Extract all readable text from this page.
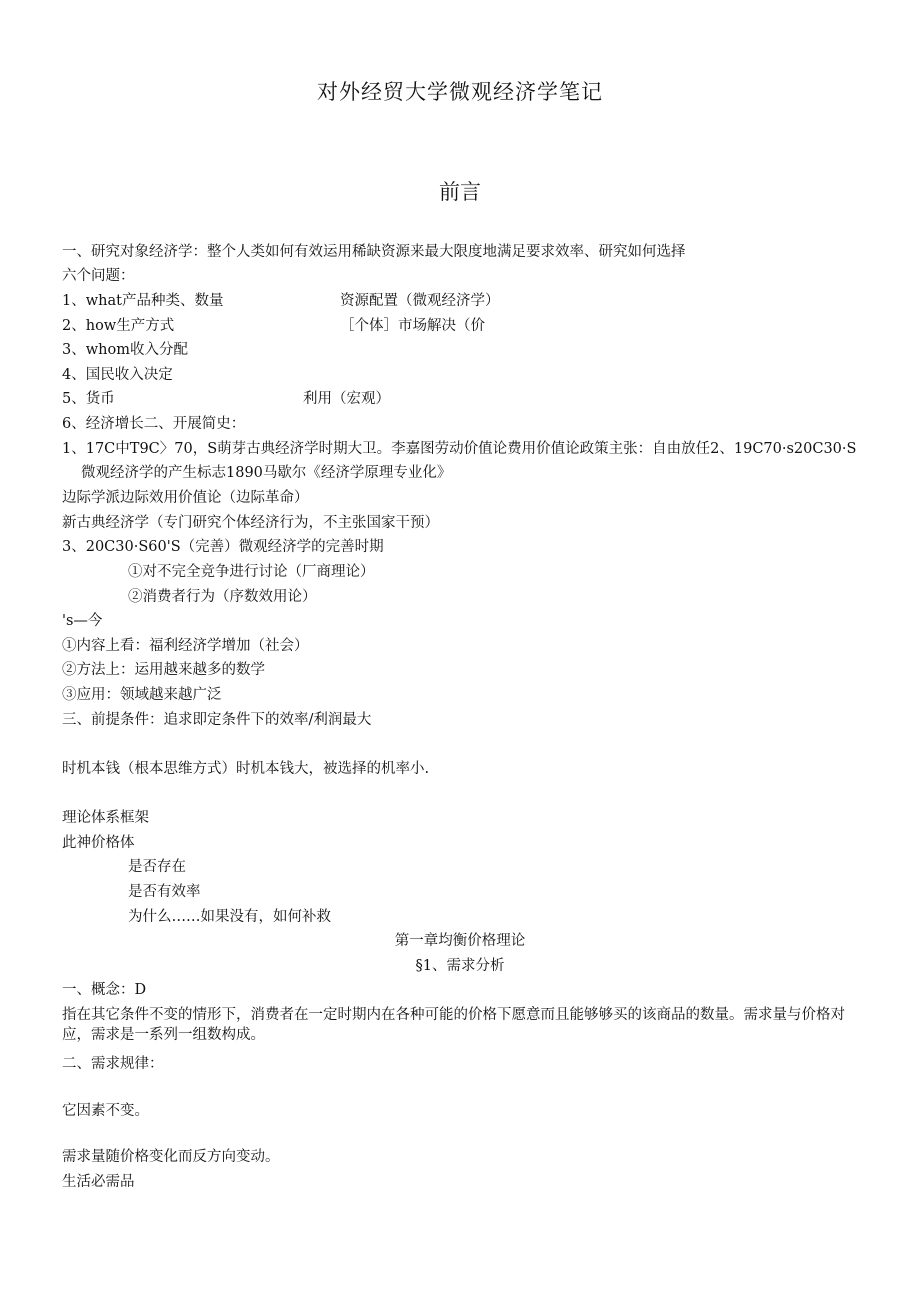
对外经贸大学微观经济学笔记
前言
一、研究对象经济学：整个人类如何有效运用稀缺资源来最大限度地满足要求效率、研究如何选择
六个问题：
1、what产品种类、数量	资源配置（微观经济学）
2、how生产方式	［个体］市场解决（价
3、whom收入分配
4、国民收入决定
5、货币	利用（宏观）
6、经济增长二、开展简史：
1、17C中T9C〉70，S萌芽古典经济学时期大卫。李嘉图劳动价值论费用价值论政策主张：自由放任2、19C70·s20C30·S
微观经济学的产生标志1890马歇尔《经济学原理专业化》
边际学派边际效用价值论（边际革命）
新古典经济学（专门研究个体经济行为，不主张国家干预）
3、20C30·S60'S（完善）微观经济学的完善时期
①对不完全竞争进行讨论（厂商理论）
②消费者行为（序数效用论）
's—今
①内容上看：福利经济学增加（社会）
②方法上：运用越来越多的数学
③应用：领域越来越广泛
三、前提条件：追求即定条件下的效率/利润最大
时机本钱（根本思维方式）时机本钱大，被选择的机率小.
理论体系框架
此神价格体
是否存在
是否有效率
为什么……如果没有，如何补救
第一章均衡价格理论
§1、需求分析
一、概念：D
指在其它条件不变的情形下，消费者在一定时期内在各种可能的价格下愿意而且能够够买的该商品的数量。需求量与价格对应，需求是一系列一组数构成。
二、需求规律：
它因素不变。
需求量随价格变化而反方向变动。
生活必需品
